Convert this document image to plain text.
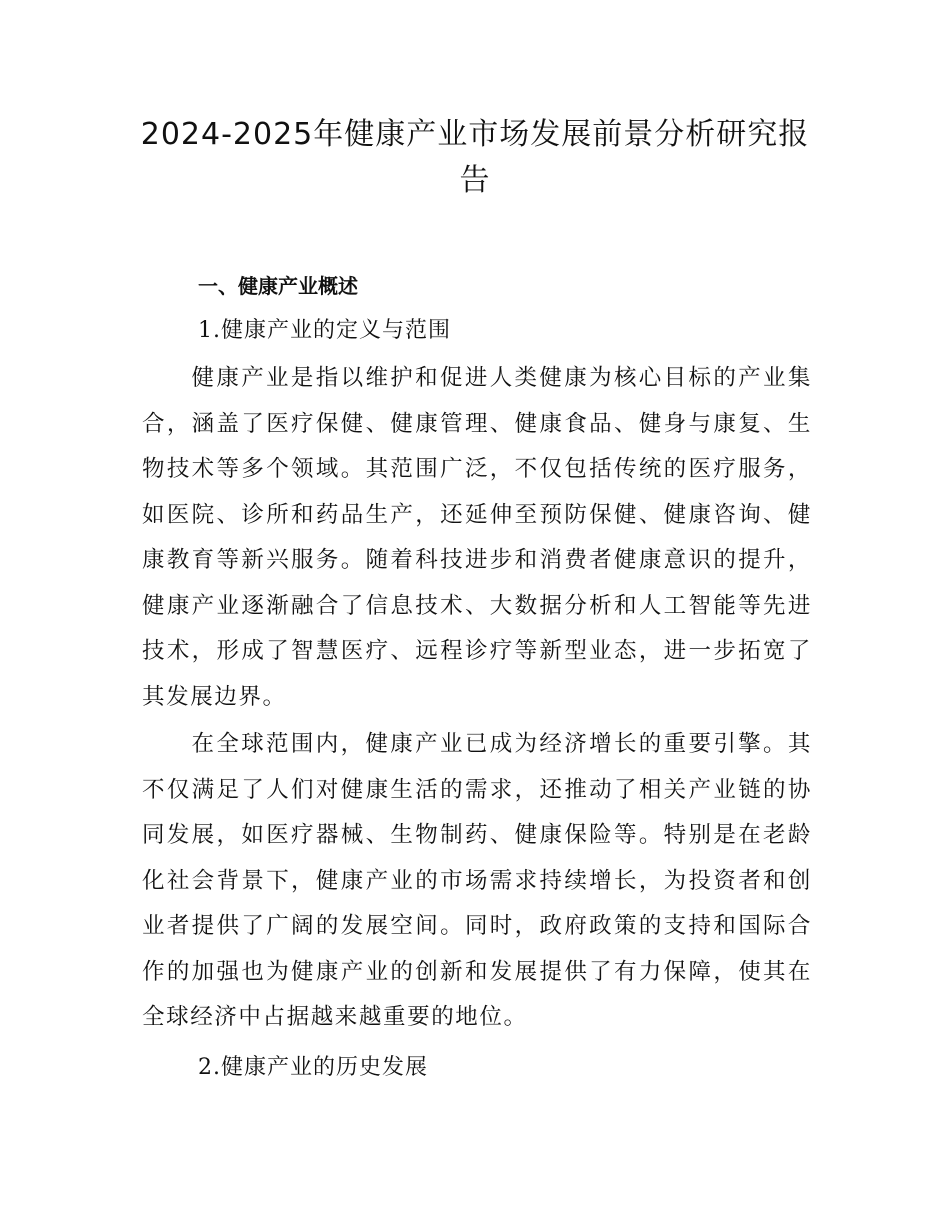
2024-2025年健康产业市场发展前景分析研究报告
一、健康产业概述
1.健康产业的定义与范围

健康产业是指以维护和促进人类健康为核心目标的产业集合，涵盖了医疗保健、健康管理、健康食品、健身与康复、生物技术等多个领域。其范围广泛，不仅包括传统的医疗服务，如医院、诊所和药品生产，还延伸至预防保健、健康咨询、健康教育等新兴服务。随着科技进步和消费者健康意识的提升，健康产业逐渐融合了信息技术、大数据分析和人工智能等先进技术，形成了智慧医疗、远程诊疗等新型业态，进一步拓宽了其发展边界。

在全球范围内，健康产业已成为经济增长的重要引擎。其不仅满足了人们对健康生活的需求，还推动了相关产业链的协同发展，如医疗器械、生物制药、健康保险等。特别是在老龄化社会背景下，健康产业的市场需求持续增长，为投资者和创业者提供了广阔的发展空间。同时，政府政策的支持和国际合作的加强也为健康产业的创新和发展提供了有力保障，使其在全球经济中占据越来越重要的地位。

2.健康产业的历史发展
